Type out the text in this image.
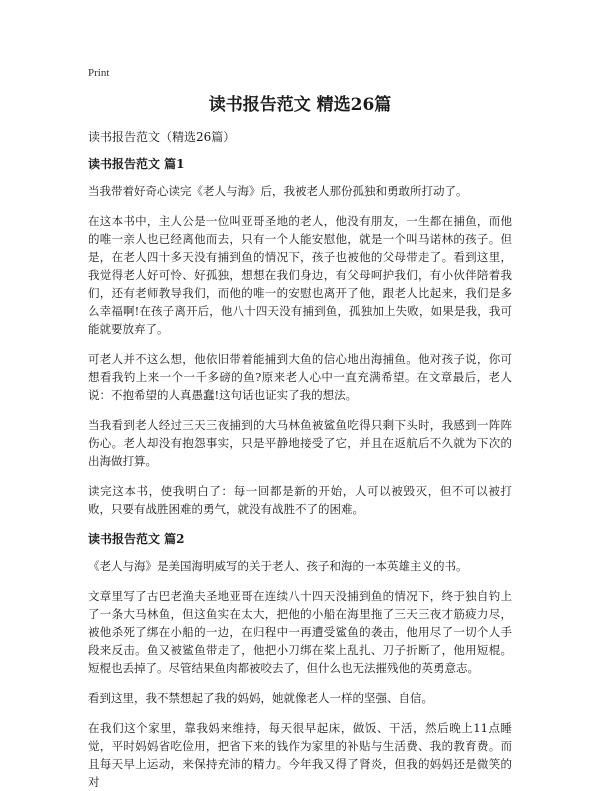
Print
读书报告范文 精选26篇
读书报告范文（精选26篇）
读书报告范文 篇1

当我带着好奇心读完《老人与海》后，我被老人那份孤独和勇敢所打动了。

在这本书中，主人公是一位叫亚哥圣地的老人，他没有朋友，一生都在捕鱼，而他的唯一亲人也已经离他而去，只有一个人能安慰他，就是一个叫马诺林的孩子。但是，在老人四十多天没有捕到鱼的情况下，孩子也被他的父母带走了。看到这里，我觉得老人好可怜、好孤独，想想在我们身边，有父母呵护我们，有小伙伴陪着我们，还有老师教导我们，而他的唯一的安慰也离开了他，跟老人比起来，我们是多么幸福啊!在孩子离开后，他八十四天没有捕到鱼，孤独加上失败，如果是我，我可能就要放弃了。

可老人并不这么想，他依旧带着能捕到大鱼的信心地出海捕鱼。他对孩子说，你可想看我钓上来一个一千多磅的鱼?原来老人心中一直充满希望。在文章最后，老人说：不抱希望的人真愚蠢!这句话也证实了我的想法。

当我看到老人经过三天三夜捕到的大马林鱼被鲨鱼吃得只剩下头时，我感到一阵阵伤心。老人却没有抱怨事实，只是平静地接受了它，并且在返航后不久就为下次的出海做打算。

读完这本书，使我明白了：每一回都是新的开始，人可以被毁灭，但不可以被打败，只要有战胜困难的勇气，就没有战胜不了的困难。

读书报告范文 篇2

《老人与海》是美国海明威写的关于老人、孩子和海的一本英雄主义的书。

文章里写了古巴老渔夫圣地亚哥在连续八十四天没捕到鱼的情况下，终于独自钓上了一条大马林鱼，但这鱼实在太大，把他的小船在海里拖了三天三夜才筋疲力尽，被他杀死了绑在小船的一边，在归程中一再遭受鲨鱼的袭击，他用尽了一切个人手段来反击。鱼又被鲨鱼带走了，他把小刀绑在桨上乱扎、刀子折断了，他用短棍。短棍也丢掉了。尽管结果鱼肉都被咬去了，但什么也无法摧残他的英勇意志。

看到这里，我不禁想起了我的妈妈，她就像老人一样的坚强、自信。

在我们这个家里，靠我妈来维持，每天很早起床，做饭、干活，然后晚上11点睡觉，平时妈妈省吃俭用，把省下来的钱作为家里的补贴与生活费、我的教育费。而且每天早上运动，来保持充沛的精力。今年我又得了肾炎，但我的妈妈还是微笑的对
